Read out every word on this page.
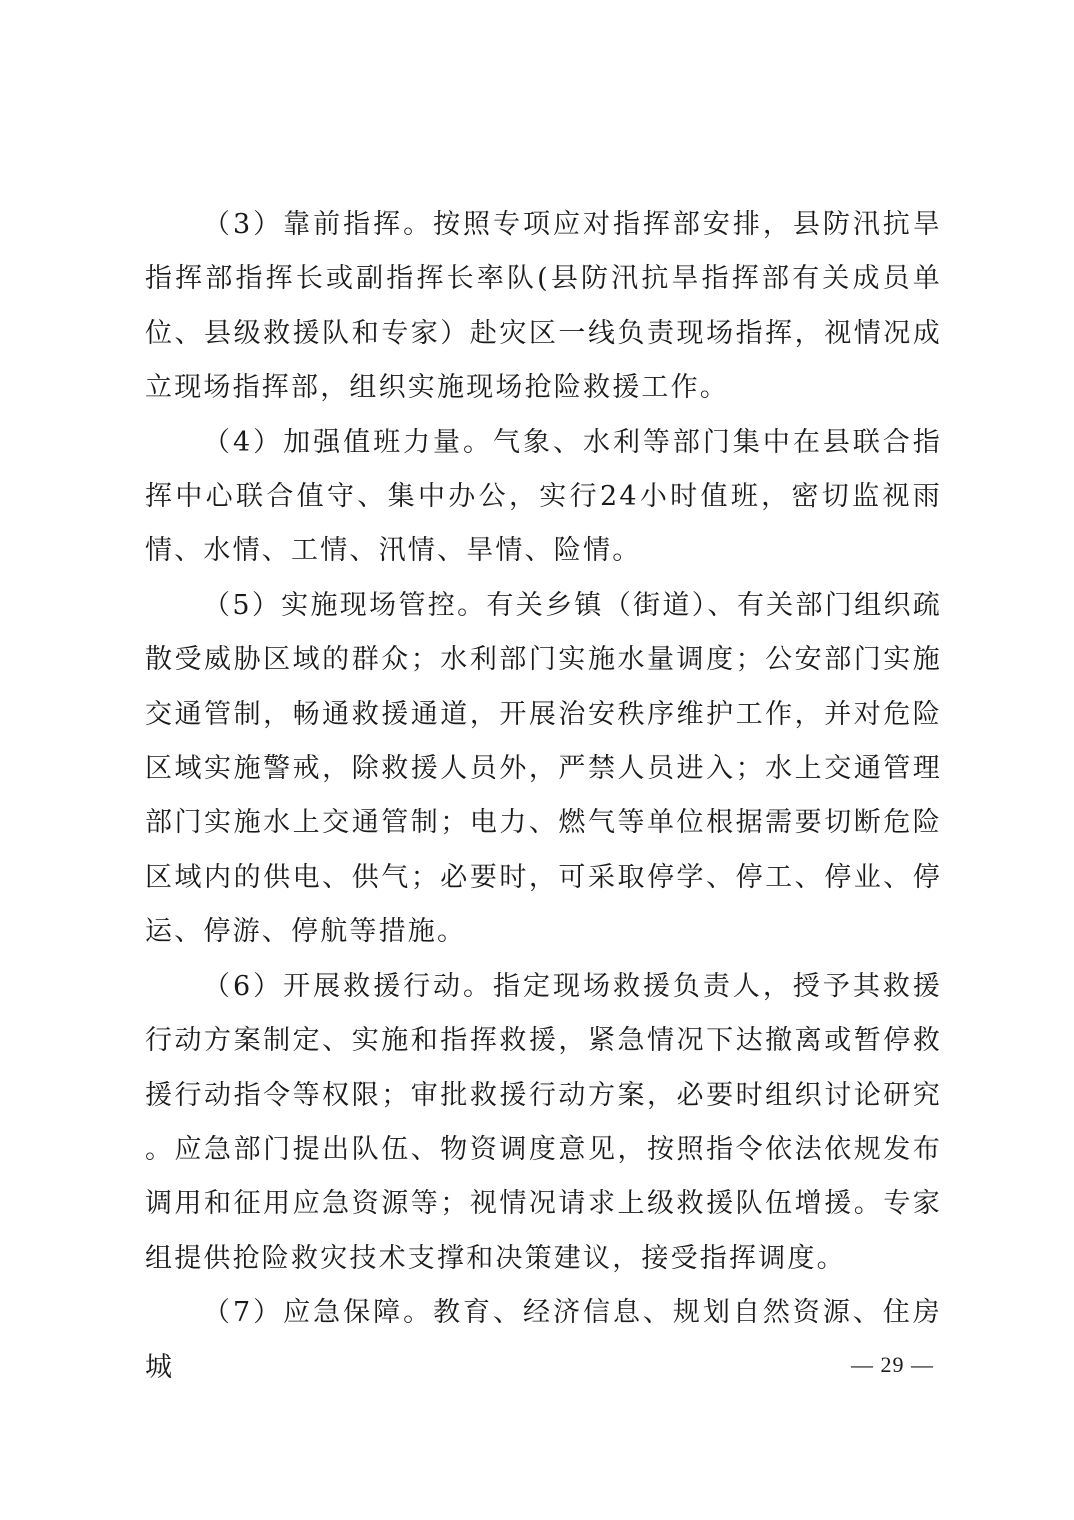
（3）靠前指挥。按照专项应对指挥部安排，县防汛抗旱指挥部指挥长或副指挥长率队(县防汛抗旱指挥部有关成员单位、县级救援队和专家）赴灾区一线负责现场指挥，视情况成立现场指挥部，组织实施现场抢险救援工作。

（4）加强值班力量。气象、水利等部门集中在县联合指挥中心联合值守、集中办公，实行24小时值班，密切监视雨情、水情、工情、汛情、旱情、险情。

（5）实施现场管控。有关乡镇（街道）、有关部门组织疏散受威胁区域的群众；水利部门实施水量调度；公安部门实施交通管制，畅通救援通道，开展治安秩序维护工作，并对危险区域实施警戒，除救援人员外，严禁人员进入；水上交通管理部门实施水上交通管制；电力、燃气等单位根据需要切断危险区域内的供电、供气；必要时，可采取停学、停工、停业、停运、停游、停航等措施。

（6）开展救援行动。指定现场救援负责人，授予其救援行动方案制定、实施和指挥救援，紧急情况下达撤离或暂停救援行动指令等权限；审批救援行动方案，必要时组织讨论研究。应急部门提出队伍、物资调度意见，按照指令依法依规发布调用和征用应急资源等；视情况请求上级救援队伍增援。专家组提供抢险救灾技术支撑和决策建议，接受指挥调度。

（7）应急保障。教育、经济信息、规划自然资源、住房城	— 29 —
